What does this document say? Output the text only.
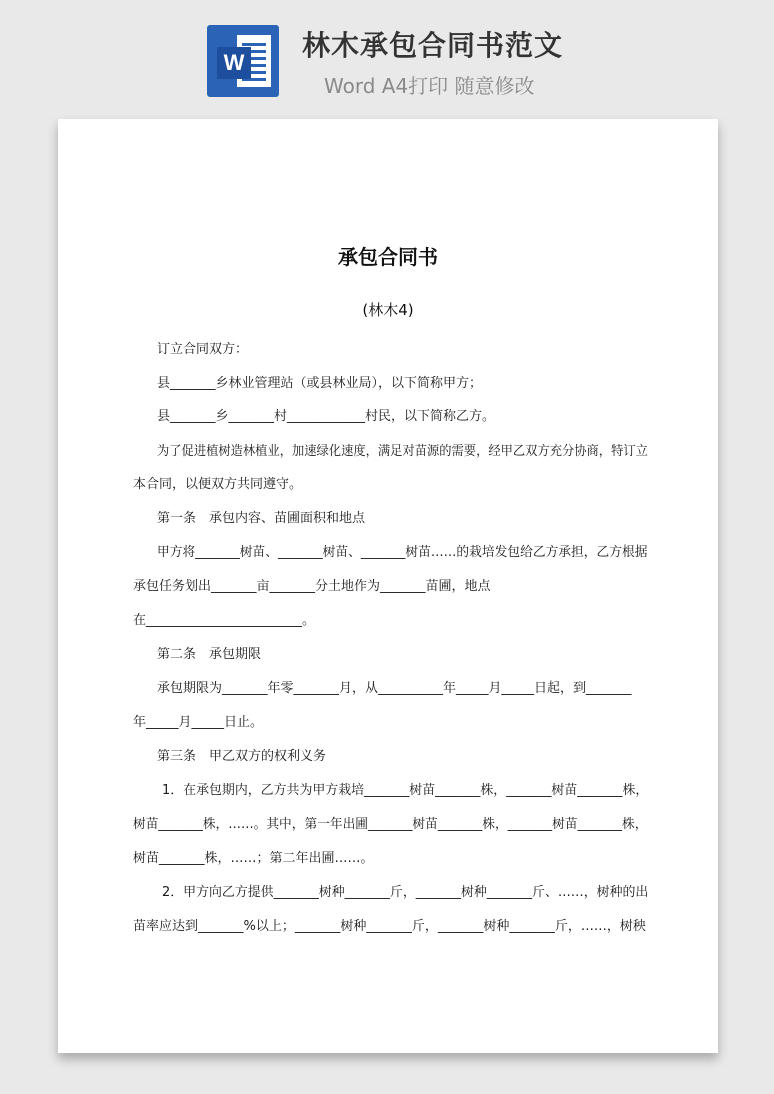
W
林木承包合同书范文
Word A4打印 随意修改

承包合同书
(林木4)
订立合同双方：
县_______乡林业管理站（或县林业局），以下简称甲方；
县_______乡_______村____________村民，以下简称乙方。
为了促进植树造林植业，加速绿化速度，满足对苗源的需要，经甲乙双方充分协商，特订立
本合同，以便双方共同遵守。
第一条　承包内容、苗圃面积和地点
甲方将_______树苗、_______树苗、_______树苗……的栽培发包给乙方承担，乙方根据
承包任务划出_______亩_______分土地作为_______苗圃，地点
在________________________。
第二条　承包期限
承包期限为_______年零_______月，从__________年_____月_____日起，到_______
年_____月_____日止。
第三条　甲乙双方的权利义务
1．在承包期内，乙方共为甲方栽培_______树苗_______株，_______树苗_______株，
树苗_______株，……。其中，第一年出圃_______树苗_______株，_______树苗_______株，
树苗_______株，……；第二年出圃……。
2．甲方向乙方提供_______树种_______斤，_______树种_______斤、……，树种的出
苗率应达到_______%以上；_______树种_______斤，_______树种_______斤，……，树秧
